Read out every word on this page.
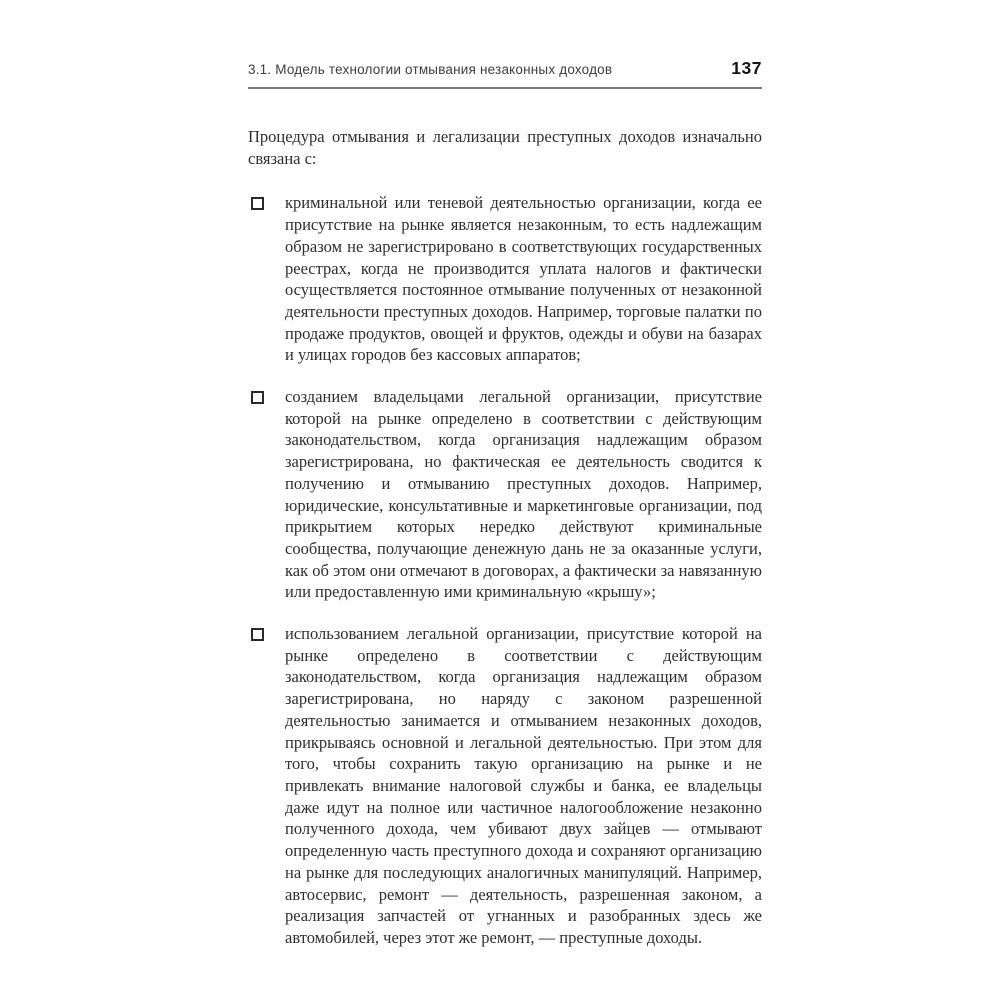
3.1. Модель технологии отмывания незаконных доходов	137

Процедура отмывания и легализации преступных доходов изначально связана с:

криминальной или теневой деятельностью организации, когда ее присутствие на рынке является незаконным, то есть надлежащим образом не зарегистрировано в соответствующих государственных реестрах, когда не производится уплата налогов и фактически осуществляется постоянное отмывание полученных от незаконной деятельности преступных доходов. Например, торговые палатки по продаже продуктов, овощей и фруктов, одежды и обуви на базарах и улицах городов без кассовых аппаратов;
созданием владельцами легальной организации, присутствие которой на рынке определено в соответствии с действующим законодательством, когда организация надлежащим образом зарегистрирована, но фактическая ее деятельность сводится к получению и отмыванию преступных доходов. Например, юридические, консультативные и маркетинговые организации, под прикрытием которых нередко действуют криминальные сообщества, получающие денежную дань не за оказанные услуги, как об этом они отмечают в договорах, а фактически за навязанную или предоставленную ими криминальную «крышу»;
использованием легальной организации, присутствие которой на рынке определено в соответствии с действующим законодательством, когда организация надлежащим образом зарегистрирована, но наряду с законом разрешенной деятельностью занимается и отмыванием незаконных доходов, прикрываясь основной и легальной деятельностью. При этом для того, чтобы сохранить такую организацию на рынке и не привлекать внимание налоговой службы и банка, ее владельцы даже идут на полное или частичное налогообложение незаконно полученного дохода, чем убивают двух зайцев — отмывают определенную часть преступного дохода и сохраняют организацию на рынке для последующих аналогичных манипуляций. Например, автосервис, ремонт — деятельность, разрешенная законом, а реализация запчастей от угнанных и разобранных здесь же автомобилей, через этот же ремонт, — преступные доходы.
